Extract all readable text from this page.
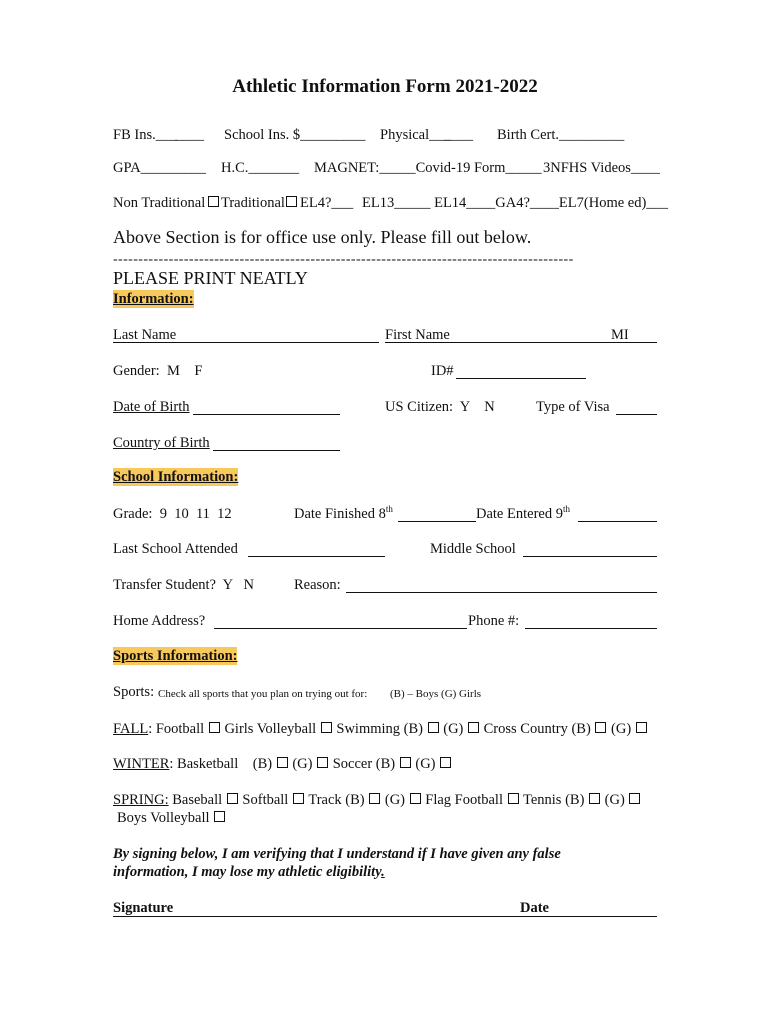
Athletic Information Form 2021-2022
FB Ins.___
____ School Ins. $_________ Physical___
____ Birth Cert._________
GPA_________ H.C._______ MAGNET:_____Covid-19 Form_____ 3NFHS Videos____
Non Traditional Traditional EL4?___ EL13_____ EL14____GA4?____EL7(Home ed)___
Above Section is for office use only. Please fill out below.
-------------------------------------------------------------------------------------------
PLEASE PRINT NEATLY
Information:
Last Name	First Name	MI
Gender:  M    F	ID#
Date of Birth	US Citizen:  Y    N	Type of Visa
Country of Birth
School Information:
Grade:  9  10  11  12	Date Finished 8th	Date Entered 9th
Last School Attended	Middle School
Transfer Student?  Y   N	Reason:
Home Address?	Phone #:
Sports Information:
Sports: Check all sports that you plan on trying out for: (B) – Boys (G) Girls
FALL: Football Girls Volleyball Swimming (B) (G) Cross Country (B) (G)
WINTER: Basketball    (B) (G) Soccer (B) (G)
SPRING: Baseball Softball Track (B) (G) Flag Football Tennis (B) (G)
Boys Volleyball
By signing below, I am verifying that I understand if I have given any false
information, I may lose my athletic eligibility.
Signature	Date
